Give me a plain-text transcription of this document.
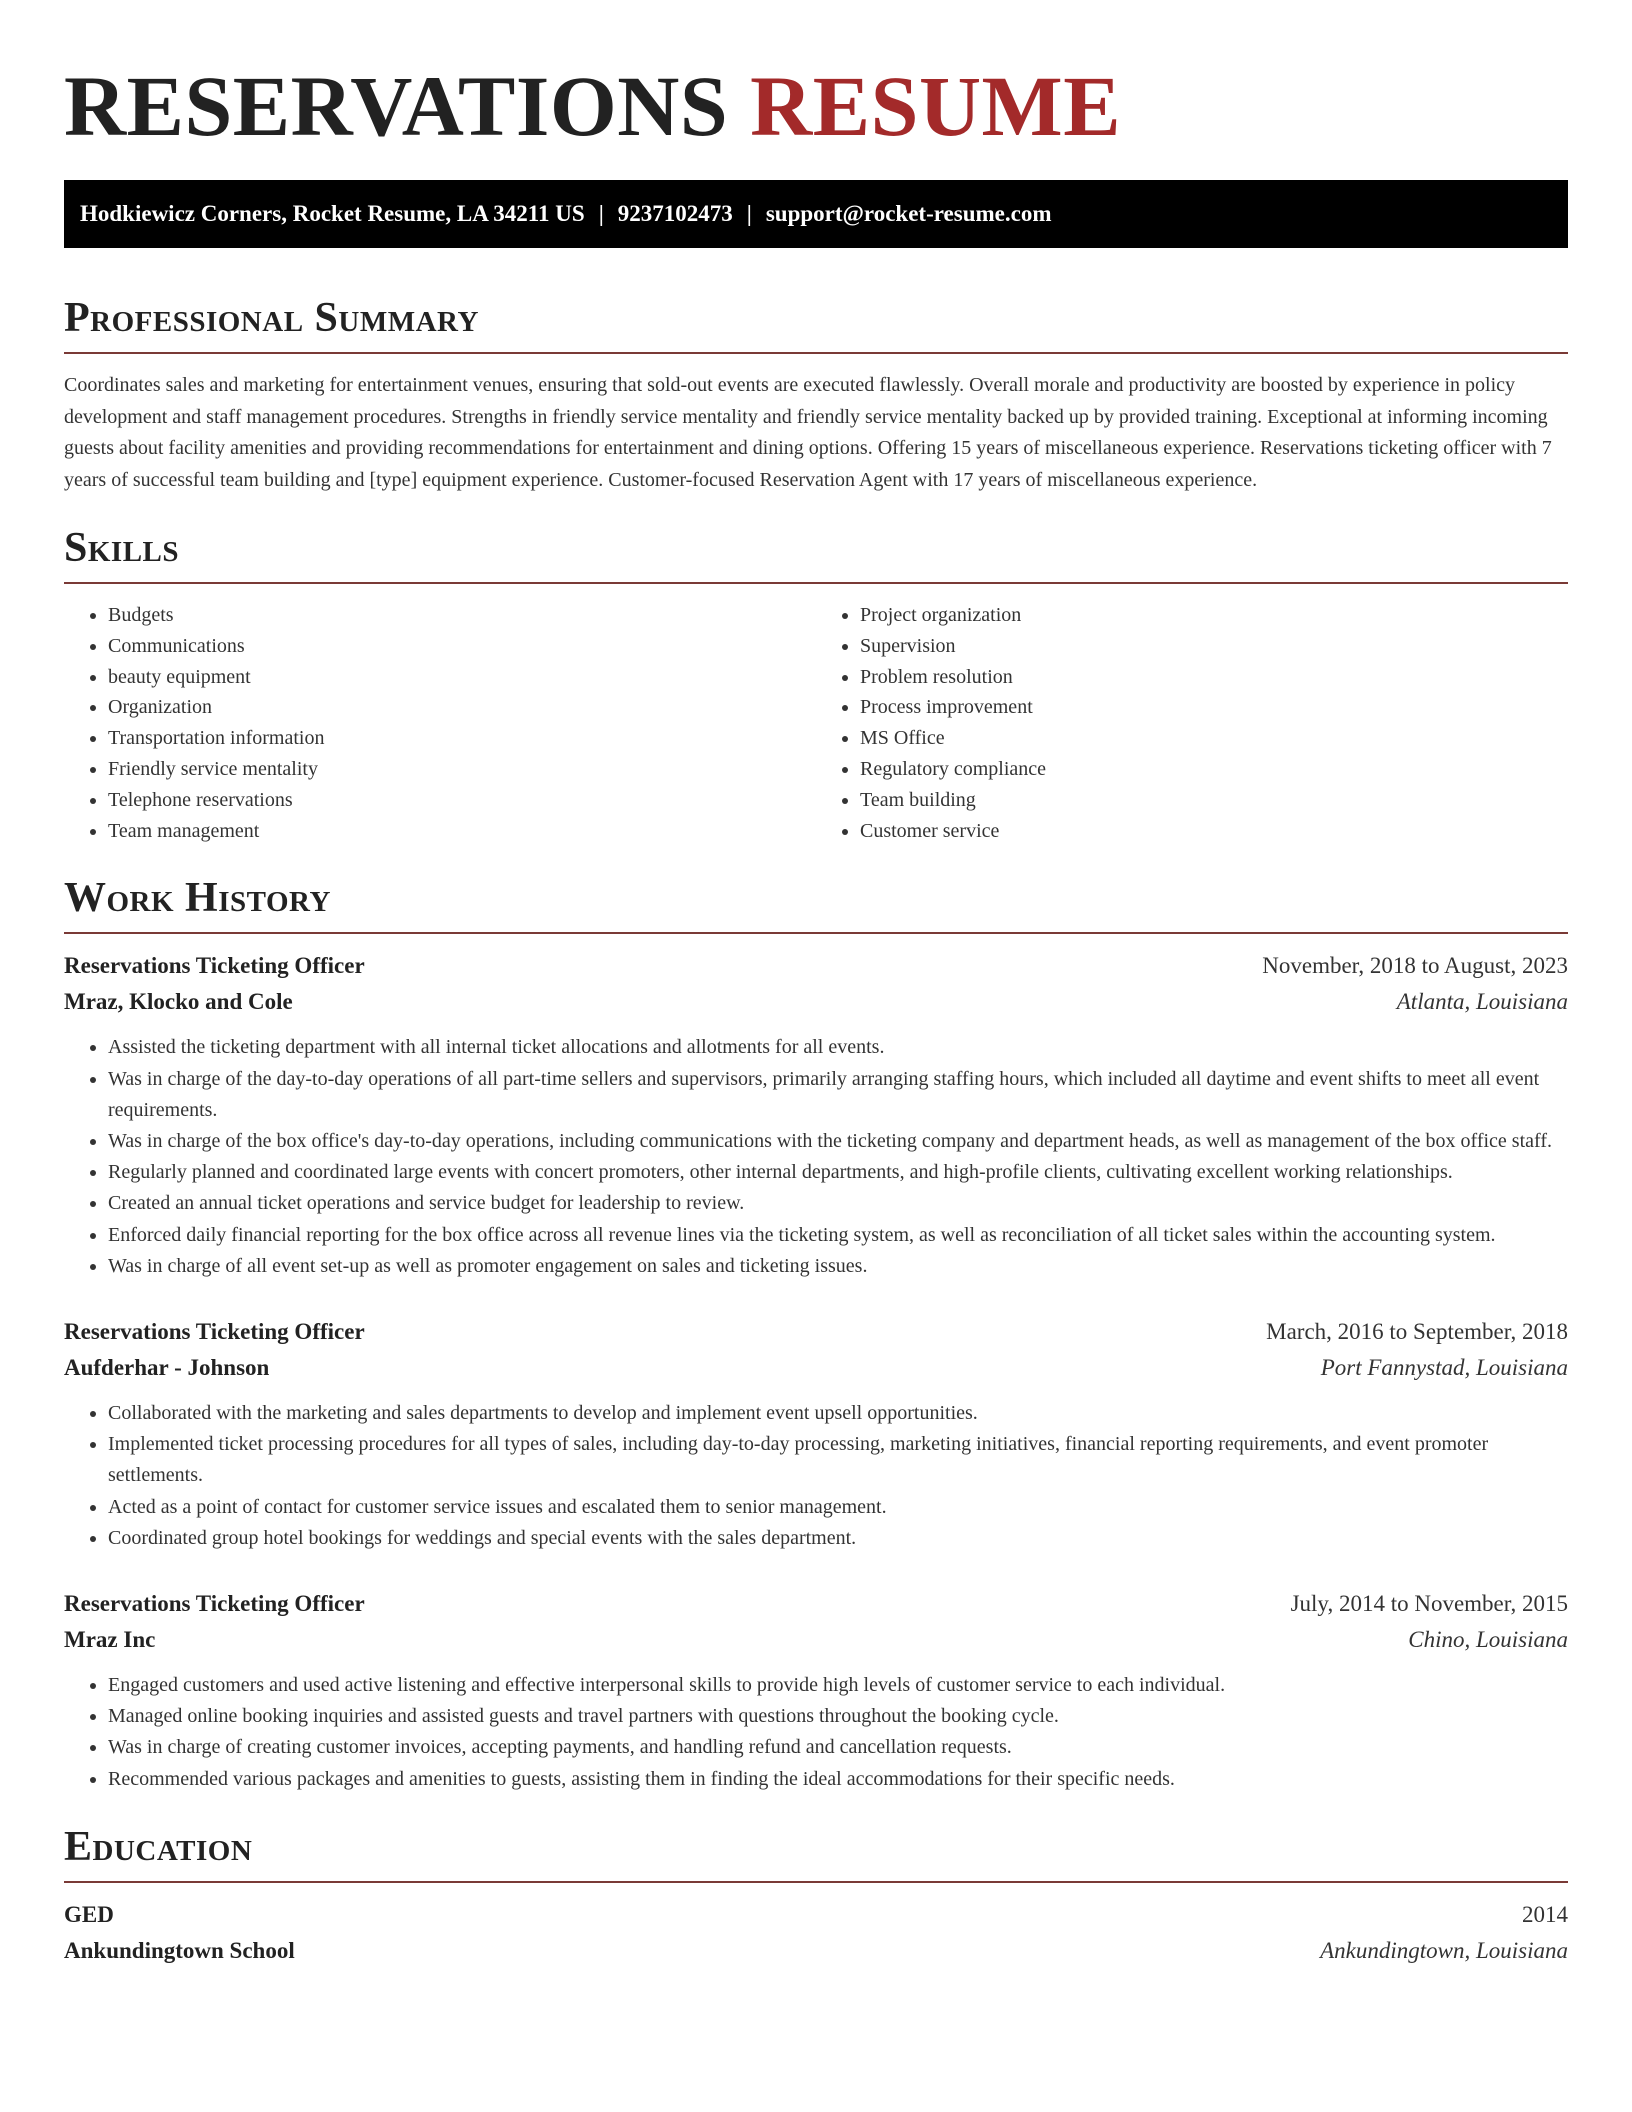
RESERVATIONS RESUME
Hodkiewicz Corners, Rocket Resume, LA 34211 US | 9237102473 | support@rocket-resume.com
Professional Summary

Coordinates sales and marketing for entertainment venues, ensuring that sold-out events are executed flawlessly. Overall morale and productivity are boosted by experience in policy development and staff management procedures. Strengths in friendly service mentality and friendly service mentality backed up by provided training. Exceptional at informing incoming guests about facility amenities and providing recommendations for entertainment and dining options. Offering 15 years of miscellaneous experience. Reservations ticketing officer with 7 years of successful team building and [type] equipment experience. Customer-focused Reservation Agent with 17 years of miscellaneous experience.

Skills
• Budgets
• Communications
• beauty equipment
• Organization
• Transportation information
• Friendly service mentality
• Telephone reservations
• Team management
• Project organization
• Supervision
• Problem resolution
• Process improvement
• MS Office
• Regulatory compliance
• Team building
• Customer service
Work History
Reservations Ticketing Officer	November, 2018 to August, 2023
Mraz, Klocko and Cole	Atlanta, Louisiana
• Assisted the ticketing department with all internal ticket allocations and allotments for all events.
• Was in charge of the day-to-day operations of all part-time sellers and supervisors, primarily arranging staffing hours, which included all daytime and event shifts to meet all event requirements.
• Was in charge of the box office's day-to-day operations, including communications with the ticketing company and department heads, as well as management of the box office staff.
• Regularly planned and coordinated large events with concert promoters, other internal departments, and high-profile clients, cultivating excellent working relationships.
• Created an annual ticket operations and service budget for leadership to review.
• Enforced daily financial reporting for the box office across all revenue lines via the ticketing system, as well as reconciliation of all ticket sales within the accounting system.
• Was in charge of all event set-up as well as promoter engagement on sales and ticketing issues.
Reservations Ticketing Officer	March, 2016 to September, 2018
Aufderhar - Johnson	Port Fannystad, Louisiana
• Collaborated with the marketing and sales departments to develop and implement event upsell opportunities.
• Implemented ticket processing procedures for all types of sales, including day-to-day processing, marketing initiatives, financial reporting requirements, and event promoter settlements.
• Acted as a point of contact for customer service issues and escalated them to senior management.
• Coordinated group hotel bookings for weddings and special events with the sales department.
Reservations Ticketing Officer	July, 2014 to November, 2015
Mraz Inc	Chino, Louisiana
• Engaged customers and used active listening and effective interpersonal skills to provide high levels of customer service to each individual.
• Managed online booking inquiries and assisted guests and travel partners with questions throughout the booking cycle.
• Was in charge of creating customer invoices, accepting payments, and handling refund and cancellation requests.
• Recommended various packages and amenities to guests, assisting them in finding the ideal accommodations for their specific needs.
Education
GED	2014
Ankundingtown School	Ankundingtown, Louisiana
